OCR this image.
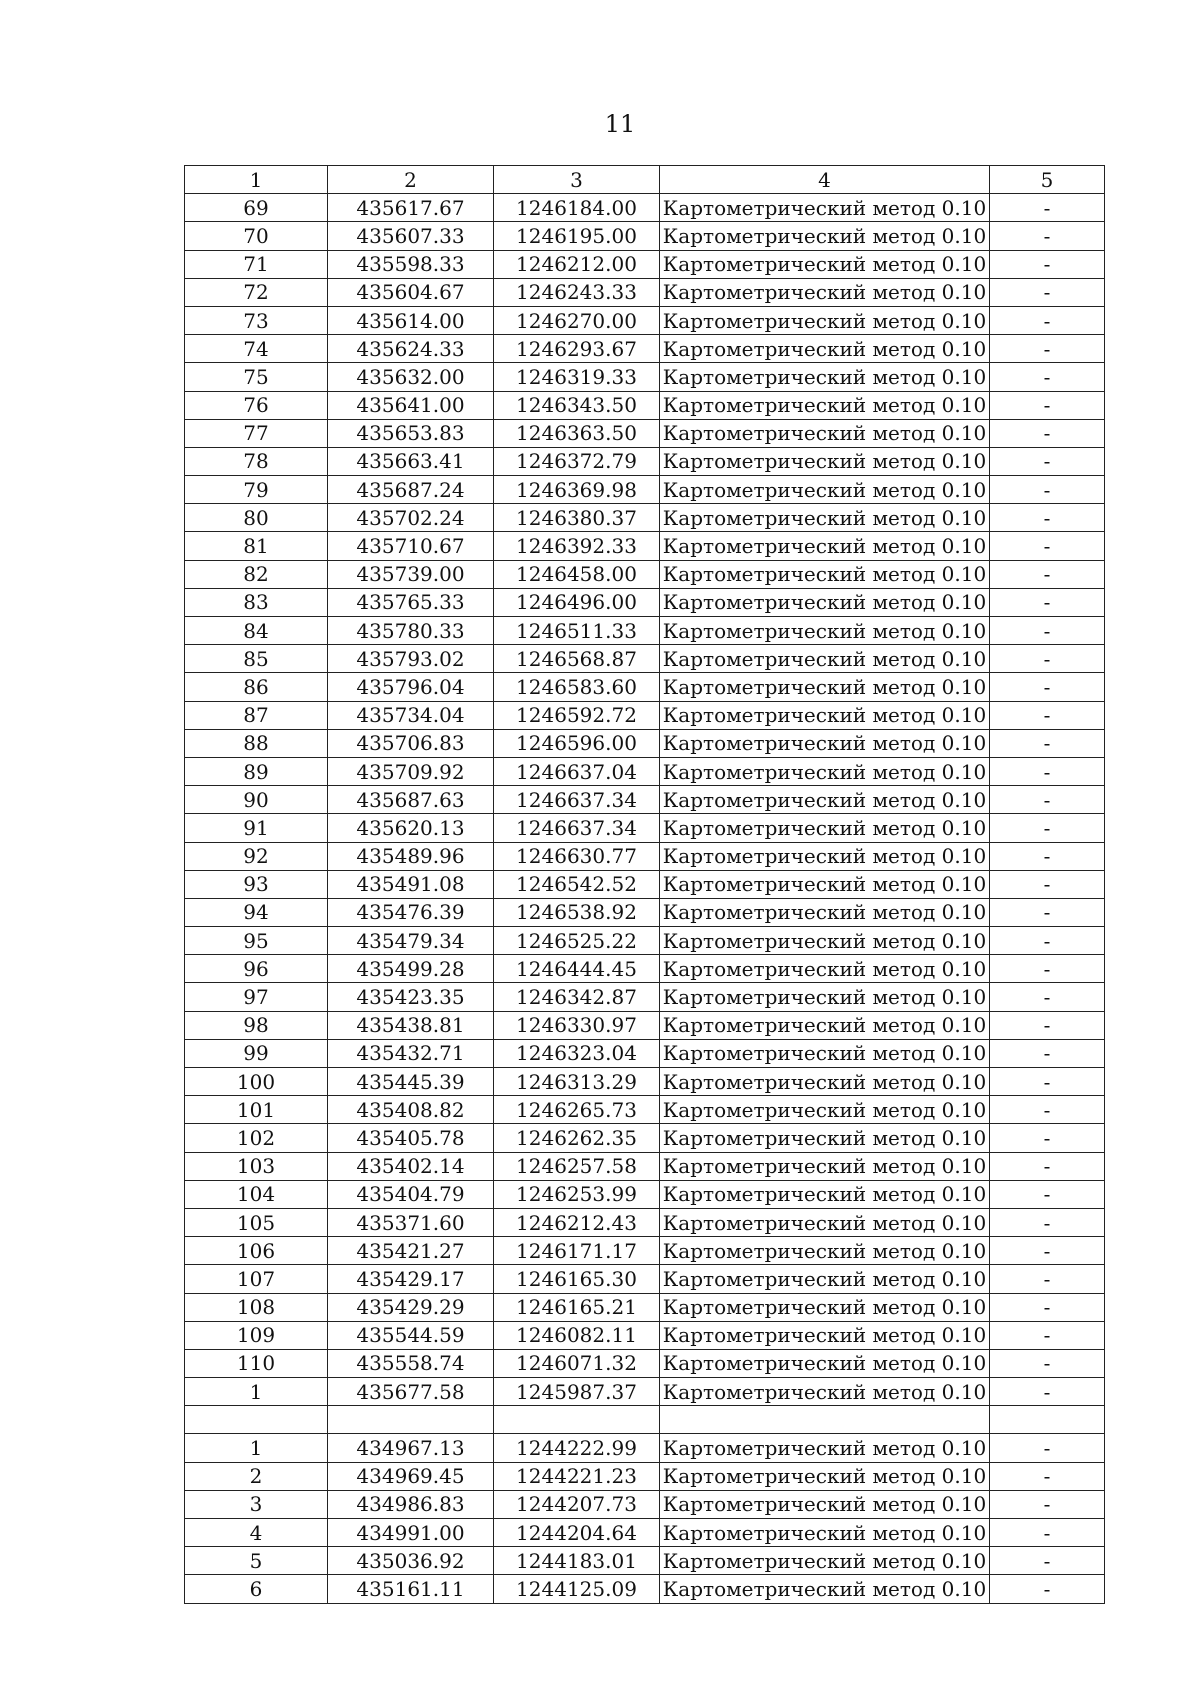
11
1	2	3	4	5
69	435617.67	1246184.00	Картометрический метод 0.10	-
70	435607.33	1246195.00	Картометрический метод 0.10	-
71	435598.33	1246212.00	Картометрический метод 0.10	-
72	435604.67	1246243.33	Картометрический метод 0.10	-
73	435614.00	1246270.00	Картометрический метод 0.10	-
74	435624.33	1246293.67	Картометрический метод 0.10	-
75	435632.00	1246319.33	Картометрический метод 0.10	-
76	435641.00	1246343.50	Картометрический метод 0.10	-
77	435653.83	1246363.50	Картометрический метод 0.10	-
78	435663.41	1246372.79	Картометрический метод 0.10	-
79	435687.24	1246369.98	Картометрический метод 0.10	-
80	435702.24	1246380.37	Картометрический метод 0.10	-
81	435710.67	1246392.33	Картометрический метод 0.10	-
82	435739.00	1246458.00	Картометрический метод 0.10	-
83	435765.33	1246496.00	Картометрический метод 0.10	-
84	435780.33	1246511.33	Картометрический метод 0.10	-
85	435793.02	1246568.87	Картометрический метод 0.10	-
86	435796.04	1246583.60	Картометрический метод 0.10	-
87	435734.04	1246592.72	Картометрический метод 0.10	-
88	435706.83	1246596.00	Картометрический метод 0.10	-
89	435709.92	1246637.04	Картометрический метод 0.10	-
90	435687.63	1246637.34	Картометрический метод 0.10	-
91	435620.13	1246637.34	Картометрический метод 0.10	-
92	435489.96	1246630.77	Картометрический метод 0.10	-
93	435491.08	1246542.52	Картометрический метод 0.10	-
94	435476.39	1246538.92	Картометрический метод 0.10	-
95	435479.34	1246525.22	Картометрический метод 0.10	-
96	435499.28	1246444.45	Картометрический метод 0.10	-
97	435423.35	1246342.87	Картометрический метод 0.10	-
98	435438.81	1246330.97	Картометрический метод 0.10	-
99	435432.71	1246323.04	Картометрический метод 0.10	-
100	435445.39	1246313.29	Картометрический метод 0.10	-
101	435408.82	1246265.73	Картометрический метод 0.10	-
102	435405.78	1246262.35	Картометрический метод 0.10	-
103	435402.14	1246257.58	Картометрический метод 0.10	-
104	435404.79	1246253.99	Картометрический метод 0.10	-
105	435371.60	1246212.43	Картометрический метод 0.10	-
106	435421.27	1246171.17	Картометрический метод 0.10	-
107	435429.17	1246165.30	Картометрический метод 0.10	-
108	435429.29	1246165.21	Картометрический метод 0.10	-
109	435544.59	1246082.11	Картометрический метод 0.10	-
110	435558.74	1246071.32	Картометрический метод 0.10	-
1	435677.58	1245987.37	Картометрический метод 0.10	-

1	434967.13	1244222.99	Картометрический метод 0.10	-
2	434969.45	1244221.23	Картометрический метод 0.10	-
3	434986.83	1244207.73	Картометрический метод 0.10	-
4	434991.00	1244204.64	Картометрический метод 0.10	-
5	435036.92	1244183.01	Картометрический метод 0.10	-
6	435161.11	1244125.09	Картометрический метод 0.10	-
